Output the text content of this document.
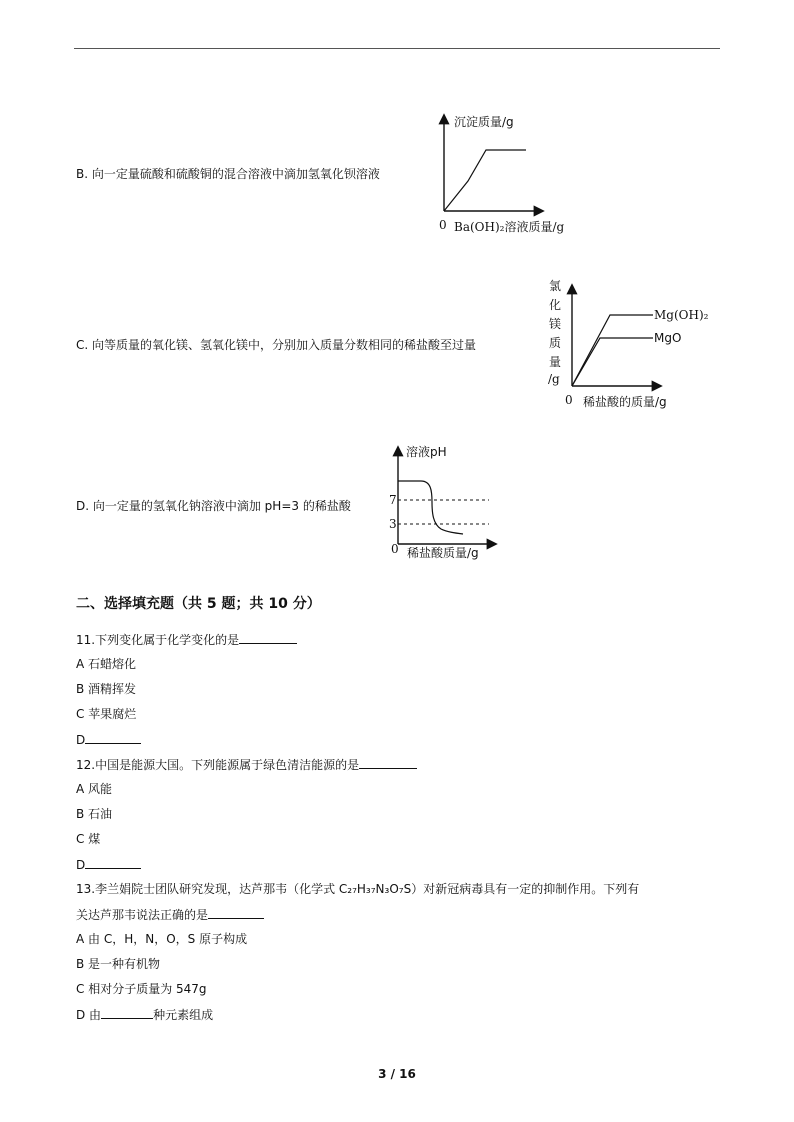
B. 向一定量硫酸和硫酸铜的混合溶液中滴加氢氧化钡溶液
沉淀质量/g
0 Ba(OH)₂溶液质量/g
C. 向等质量的氧化镁、氢氧化镁中，分别加入质量分数相同的稀盐酸至过量
氯
化
镁
质
量
/g
Mg(OH)₂
MgO
0 稀盐酸的质量/g
D. 向一定量的氢氧化钠溶液中滴加 pH=3 的稀盐酸
溶液pH
7
3
0 稀盐酸质量/g
二、选择填充题（共 5 题；共 10 分）
11.下列变化属于化学变化的是
A 石蜡熔化
B 酒精挥发
C 苹果腐烂
D
12.中国是能源大国。下列能源属于绿色清洁能源的是
A 风能
B 石油
C 煤
D
13.李兰娟院士团队研究发现，达芦那韦（化学式 C₂₇H₃₇N₃O₇S）对新冠病毒具有一定的抑制作用。下列有
关达芦那韦说法正确的是
A 由 C，H，N，O，S 原子构成
B 是一种有机物
C 相对分子质量为 547g
D 由	种元素组成
3 / 16
